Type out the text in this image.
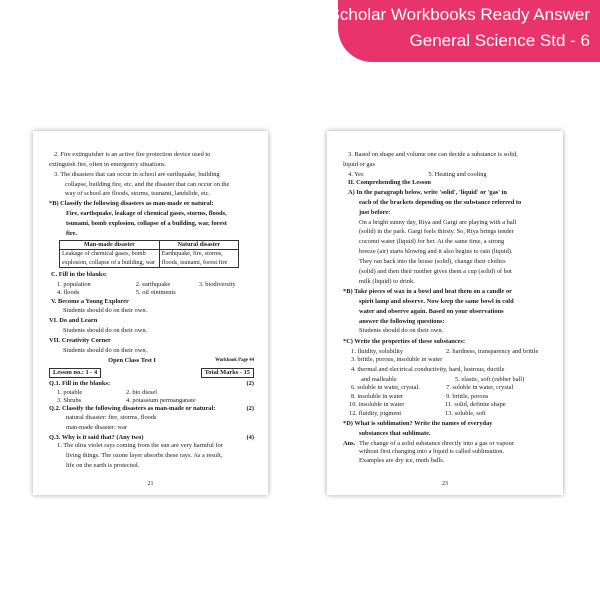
CCE Scholar Workbooks Ready Answer
General Science Std - 6
2. Fire extinguisher is an active fire protection device used to
extinguish fire, often in emergency situations.
3. The disasters that can occur in school are earthquake, building
collapse, building fire, etc. and the disaster that can occur on the
way of school are floods, storms, tsunami, landslide, etc.
*B) Classify the following disasters as man-made or natural:
Fire, earthquake, leakage of chemical gases, storms, floods,
tsunami, bomb explosion, collapse of a building, war, forest
fire.
Man-made disaster	Natural disaster
Leakage of chemical gases, bomb explosion, collapse of a building, war	Earthquake, fire, storms, floods, tsunami, forest fire
C. Fill in the blanks:
1. population	2. earthquake	3. biodiversity
4. floods	5. oil ointments
V. Become a Young Explorer
Students should do on their own.
VI. Do and Learn
Students should do on their own.
VII. Creativity Corner
Students should do on their own.
Open Class Test I	Workbook Page 44
Lesson no.: 1 - 4	Total Marks - 15
Q.1. Fill in the blanks:	(2)
1. potable	2. bio diesel
3. Shrubs	4. potassium permanganate
Q.2. Classify the following disasters as man-made or natural:	(2)
natural disaster: fire, storms, floods
man-made disaster: war
Q.3. Why is it said that? (Any two)	(4)
1. The ultra violet rays coming from the sun are very harmful for
living things. The ozone layer absorbs these rays. As a result,
life on the earth is protected.
21
3. Based on shape and volume one can decide a substance is solid,
liquid or gas
4. Yes	5. Heating and cooling
II. Comprehending the Lesson
A) In the paragraph below, write 'solid', 'liquid' or 'gas' in
each of the brackets depending on the substance referred to
just before:
On a bright sunny day, Riya and Gargi are playing with a ball
(solid) in the park. Gargi feels thirsty. So, Riya brings tender
coconut water (liquid) for her. At the same time, a strong
breeze (air) starts blowing and it also begins to rain (liquid).
They ran back into the house (solid), change their clothes
(solid) and then their mother gives them a cup (solid) of hot
milk (liquid) to drink.
*B) Take pieces of wax in a bowl and heat them on a candle or
spirit lamp and observe. Now keep the same bowl in cold
water and observe again. Based on your observations
answer the following questions:
Students should do on their own.
*C) Write the properties of these substances:
1. fluidity, solubility	2. hardness, transparency and brittle
3. brittle, porous, insoluble in water
4. thermal and electrical conductivity, hard, lustrous, ductile
and malleable	5. elastic, soft (rubber ball)
6. soluble in water, crystal.	7. soluble in water, crystal
8. insoluble in water	9. brittle, porous
10. insoluble in water	11. solid, definite shape
12. fluidity, pigment	13. soluble, soft
*D) What is sublimation? Write the names of everyday
substances that sublimate.
Ans. The change of a solid substance directly into a gas or vapour
without first changing into a liquid is called sublimation.
Examples are dry ice, moth balls.
23
